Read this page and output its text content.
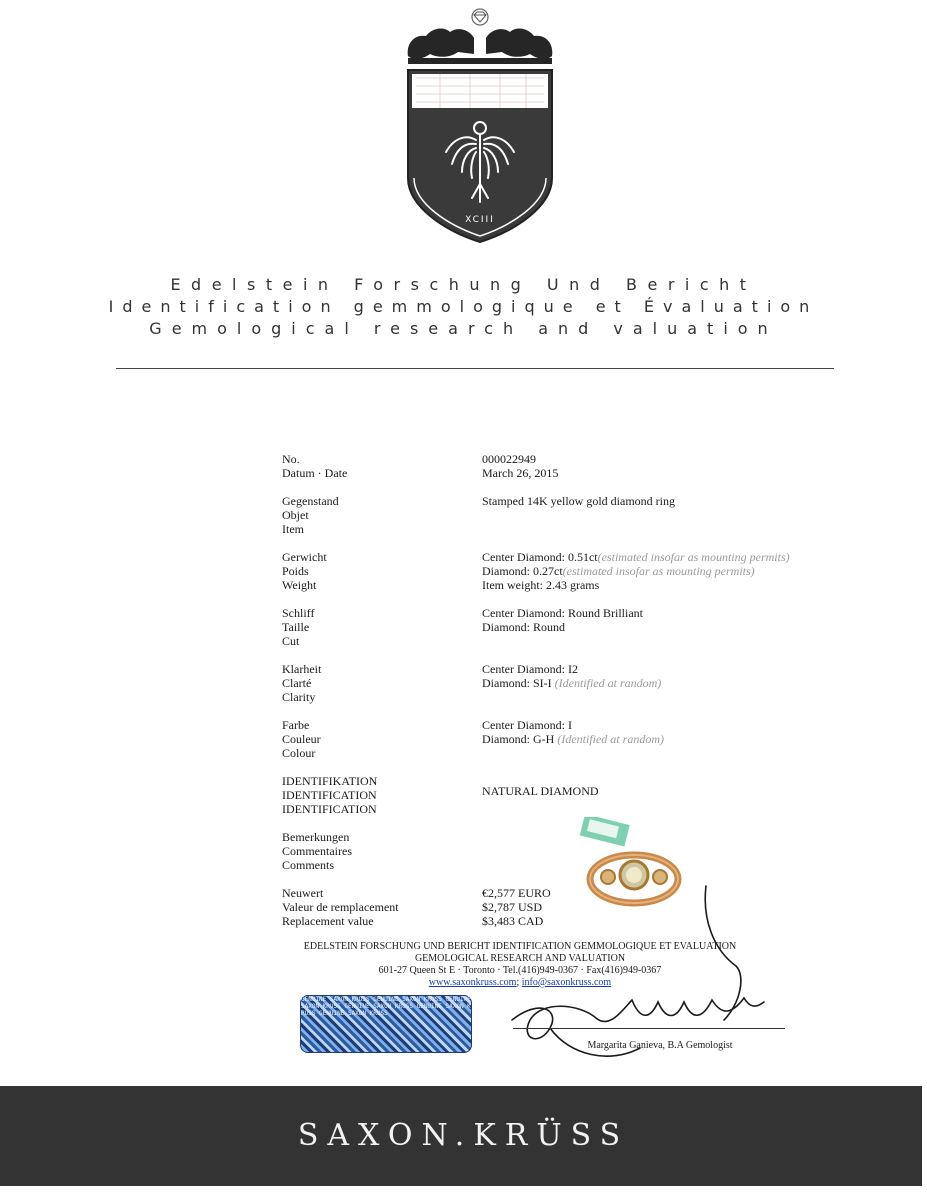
XCIII
Edelstein Forschung Und Bericht
Identification gemmologique et Évaluation
Gemological research and valuation
No.
Datum · Date
000022949
March 26, 2015
Gegenstand
Objet
Item
Stamped 14K yellow gold diamond ring
Gerwicht
Poids
Weight
Center Diamond: 0.51ct(estimated insofar as mounting permits)
Diamond: 0.27ct(estimated insofar as mounting permits)
Item weight: 2.43 grams
Schliff
Taille
Cut
Center Diamond: Round Brilliant
Diamond: Round
Klarheit
Clarté
Clarity
Center Diamond: I2
Diamond: SI-I (Identified at random)
Farbe
Couleur
Colour
Center Diamond: I
Diamond: G-H (Identified at random)
IDENTIFIKATION
IDENTIFICATION
IDENTIFICATION
NATURAL DIAMOND
Bemerkungen
Commentaires
Comments
Neuwert
Valeur de remplacement
Replacement value
€2,577 EURO
$2,787 USD
$3,483 CAD
EDELSTEIN FORSCHUNG UND BERICHT IDENTIFICATION GEMMOLOGIQUE ET EVALUATION
GEMOLOGICAL RESEARCH AND VALUATION
601-27 Queen St E · Toronto · Tel.(416)949-0367 · Fax(416)949-0367
www.saxonkruss.com; info@saxonkruss.com
GENUINE SAXON KRUSS GENUINE SAXON KRUSS GENUINE SAXON KRUSS GENUINE SAXON KRUSS GENUINE SAXON KRUSS GENUINE SAXON KRUSS
Margarita Ganieva, B.A Gemologist
SAXON.KRÜSS
